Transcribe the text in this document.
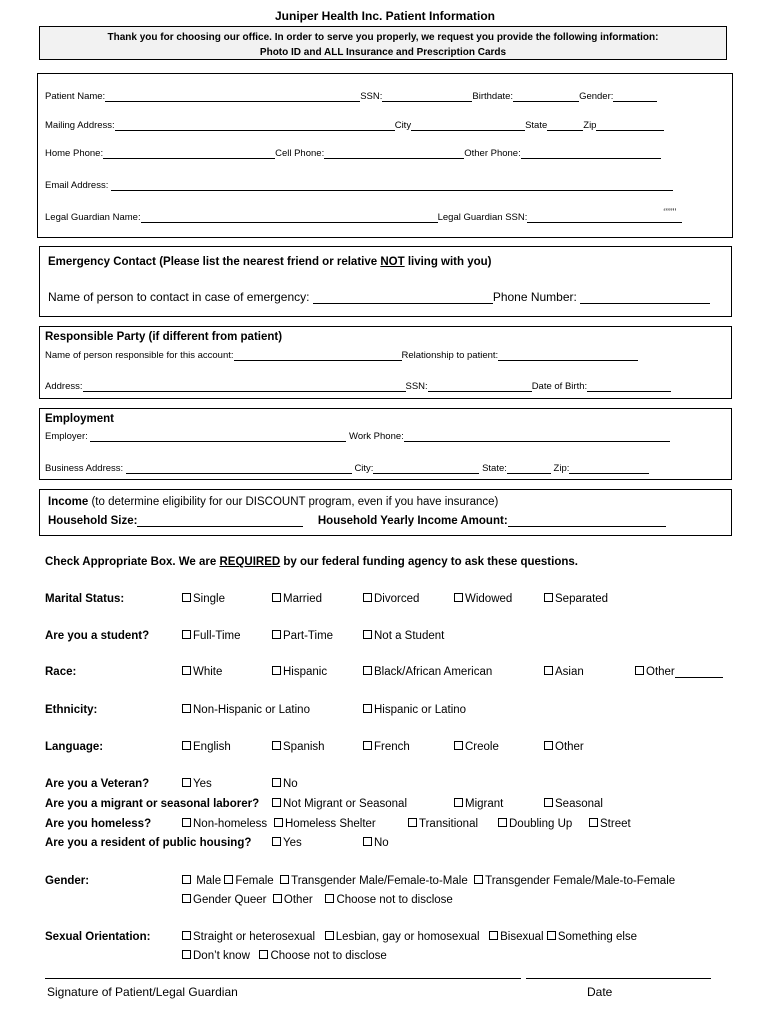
Juniper Health Inc. Patient Information
Thank you for choosing our office. In order to serve you properly, we request you provide the following information:
Photo ID and ALL Insurance and Prescription Cards
Patient Name:	SSN:	Birthdate:	Gender:
Mailing Address:	City	State	Zip
Home Phone:	Cell Phone:	Other Phone:
Email Address:
Legal Guardian Name:	Legal Guardian SSN:	‘’’’’’’
Emergency Contact (Please list the nearest friend or relative NOT living with you)
Name of person to contact in case of emergency:	Phone Number:
Responsible Party (if different from patient)
Name of person responsible for this account:	Relationship to patient:
Address:	SSN:	Date of Birth:
Employment
Employer:	Work Phone:
Business Address:	City:	State:	Zip:
Income (to determine eligibility for our DISCOUNT program, even if you have insurance)
Household Size:	Household Yearly Income Amount:
Check Appropriate Box. We are REQUIRED by our federal funding agency to ask these questions.
Marital Status:	Single	Married	Divorced	Widowed	Separated
Are you a student?	Full-Time	Part-Time	Not a Student
Race:	White	Hispanic	Black/African American	Asian	Other
Ethnicity:	Non-Hispanic or Latino	Hispanic or Latino
Language:	English	Spanish	French	Creole	Other
Are you a Veteran?	Yes	No
Are you a migrant or seasonal laborer?	Not Migrant or Seasonal	Migrant	Seasonal
Are you homeless?	Non-homeless	Homeless Shelter	Transitional	Doubling Up	Street
Are you a resident of public housing?	Yes	No
Gender:	Male Female Transgender Male/Female-to-Male Transgender Female/Male-to-Female
Gender Queer Other Choose not to disclose
Sexual Orientation:	Straight or heterosexual Lesbian, gay or homosexual Bisexual Something else
Don’t know Choose not to disclose
Signature of Patient/Legal Guardian	Date
